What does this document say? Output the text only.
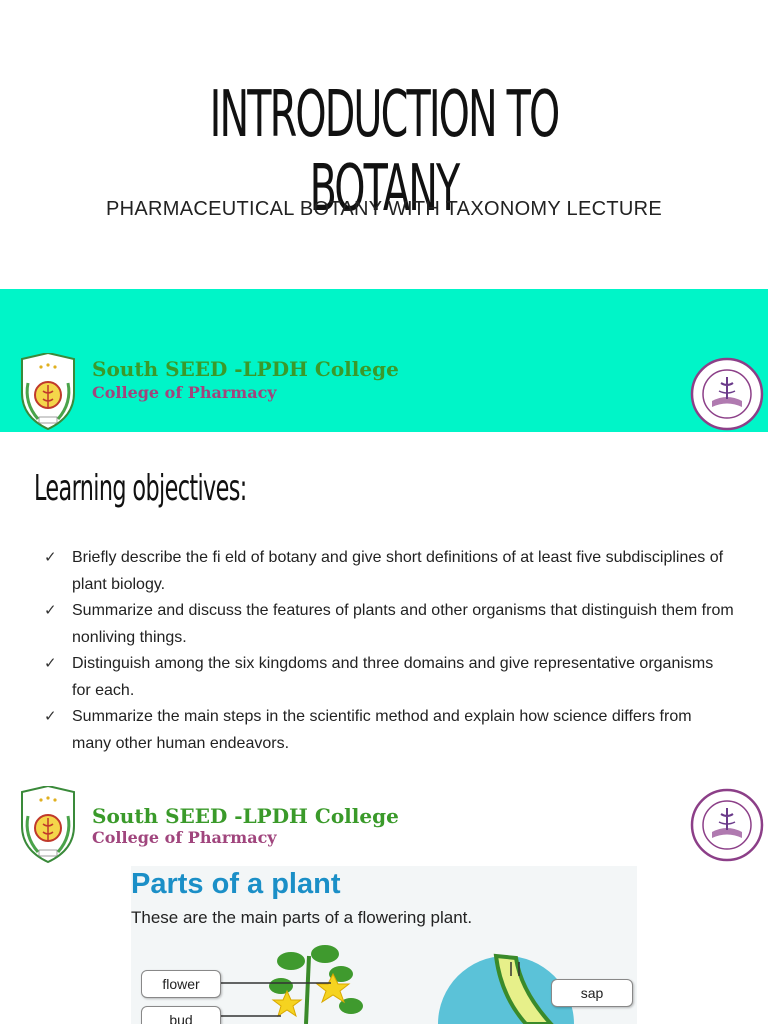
INTRODUCTION TO BOTANY
PHARMACEUTICAL BOTANY WITH TAXONOMY LECTURE
South SEED -LPDH College
College of Pharmacy
Learning objectives:
✓ Briefly describe the fi eld of botany and give short definitions of at least five subdisciplines of plant biology.
✓ Summarize and discuss the features of plants and other organisms that distinguish them from nonliving things.
✓ Distinguish among the six kingdoms and three domains and give representative organisms for each.
✓ Summarize the main steps in the scientific method and explain how science differs from many other human endeavors.
South SEED -LPDH College
College of Pharmacy
Parts of a plant
These are the main parts of a flowering plant.
flower
bud
sap
